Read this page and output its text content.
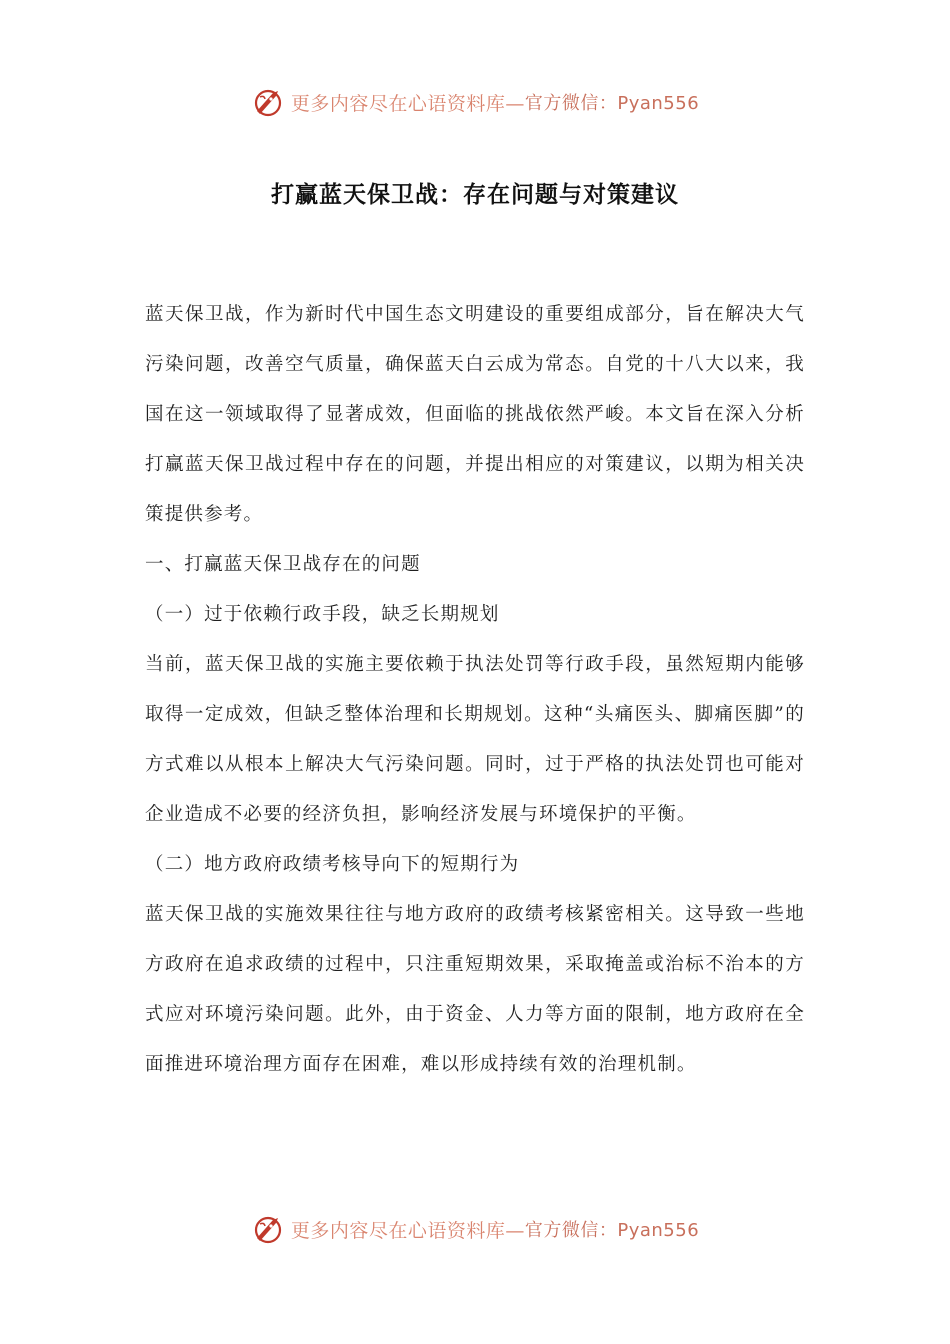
更多内容尽在心语资料库— 官方微信：Pyan556
打赢蓝天保卫战：存在问题与对策建议

蓝天保卫战，作为新时代中国生态文明建设的重要组成部分，旨在解决大气污染问题，改善空气质量，确保蓝天白云成为常态。自党的十八大以来，我国在这一领域取得了显著成效，但面临的挑战依然严峻。本文旨在深入分析打赢蓝天保卫战过程中存在的问题，并提出相应的对策建议，以期为相关决策提供参考。

一、打赢蓝天保卫战存在的问题

（一）过于依赖行政手段，缺乏长期规划

当前，蓝天保卫战的实施主要依赖于执法处罚等行政手段，虽然短期内能够取得一定成效，但缺乏整体治理和长期规划。这种“头痛医头、脚痛医脚”的方式难以从根本上解决大气污染问题。同时，过于严格的执法处罚也可能对企业造成不必要的经济负担，影响经济发展与环境保护的平衡。

（二）地方政府政绩考核导向下的短期行为

蓝天保卫战的实施效果往往与地方政府的政绩考核紧密相关。这导致一些地方政府在追求政绩的过程中，只注重短期效果，采取掩盖或治标不治本的方式应对环境污染问题。此外，由于资金、人力等方面的限制，地方政府在全面推进环境治理方面存在困难，难以形成持续有效的治理机制。

更多内容尽在心语资料库— 官方微信：Pyan556
